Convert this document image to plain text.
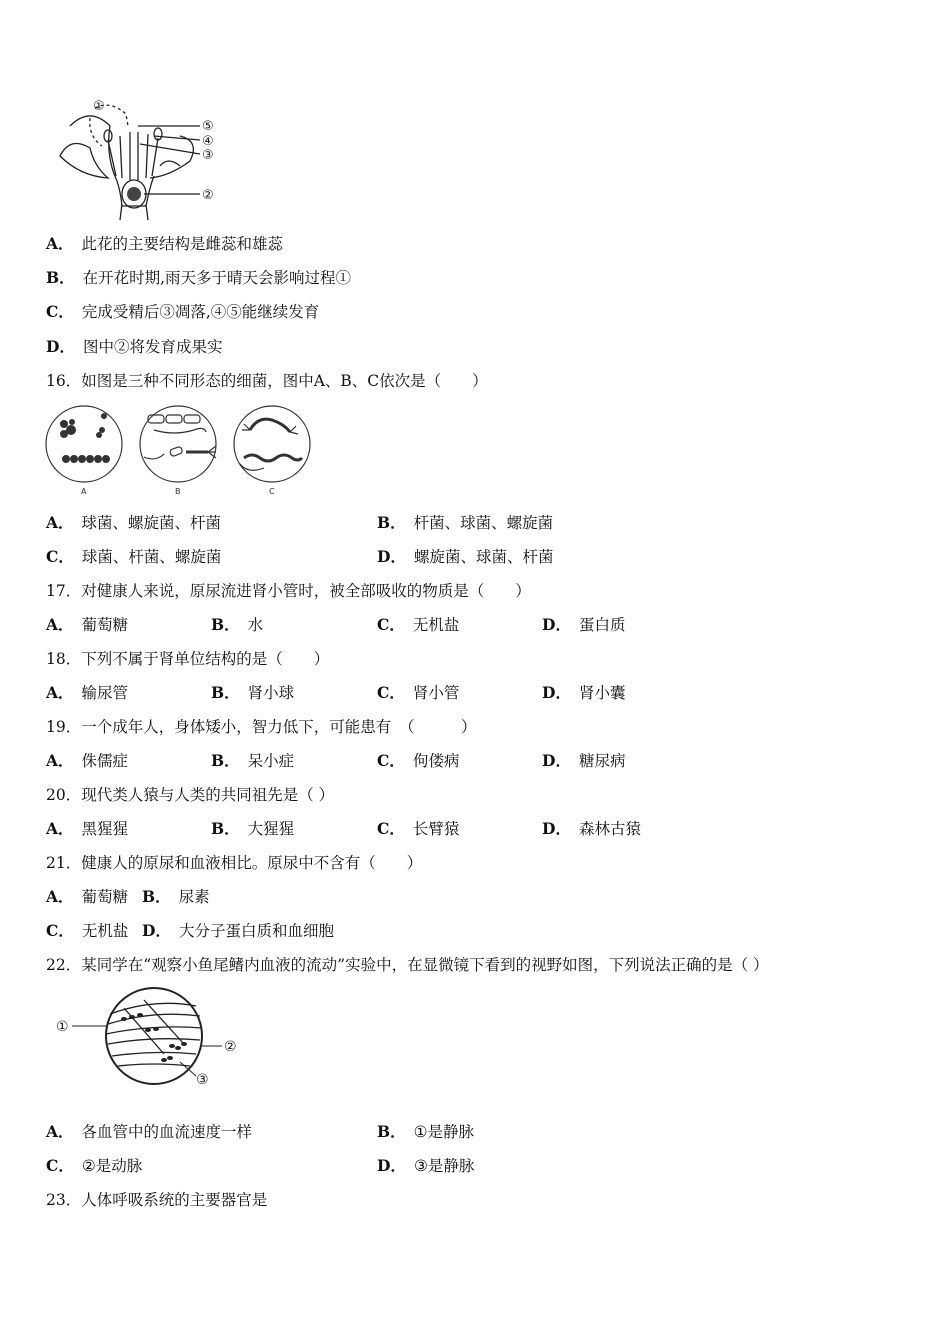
①
⑤
④
③
②
A． 此花的主要结构是雌蕊和雄蕊
B． 在开花时期,雨天多于晴天会影响过程①
C． 完成受精后③凋落,④⑤能继续发育
D． 图中②将发育成果实
16．如图是三种不同形态的细菌，图中A、B、C依次是（　　）
A	B	C
A． 球菌、螺旋菌、杆菌	B． 杆菌、球菌、螺旋菌
C． 球菌、杆菌、螺旋菌	D． 螺旋菌、球菌、杆菌
17．对健康人来说，原尿流进肾小管时，被全部吸收的物质是（　　）
A． 葡萄糖	B． 水	C． 无机盐	D． 蛋白质
18．下列不属于肾单位结构的是（　　）
A． 输尿管	B． 肾小球	C． 肾小管	D． 肾小囊
19．一个成年人，身体矮小，智力低下，可能患有　（　　　）
A． 侏儒症	B． 呆小症	C． 佝偻病	D． 糖尿病
20．现代类人猿与人类的共同祖先是（ ）
A． 黑猩猩	B． 大猩猩	C． 长臂猿	D． 森林古猿
21．健康人的原尿和血液相比。原尿中不含有（　　）
A． 葡萄糖 B． 尿素
C． 无机盐 D． 大分子蛋白质和血细胞
22．某同学在“观察小鱼尾鳍内血液的流动”实验中，在显微镜下看到的视野如图，下列说法正确的是（ ）
①
②
③
A． 各血管中的血流速度一样	B． ①是静脉
C． ②是动脉	D． ③是静脉
23．人体呼吸系统的主要器官是
